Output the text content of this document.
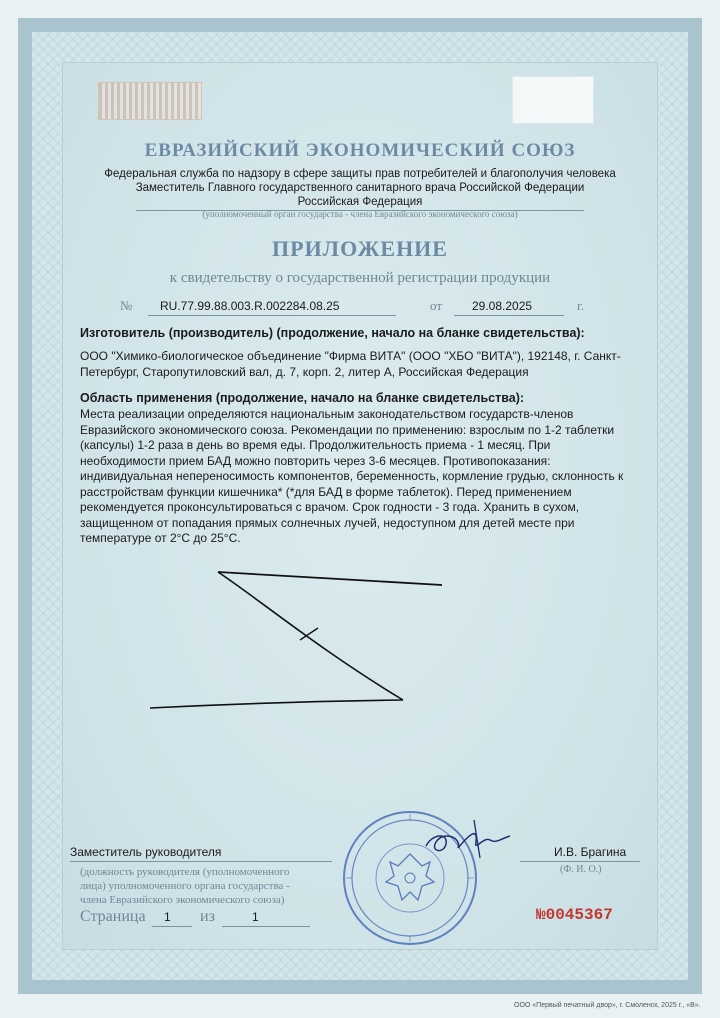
ЕВРАЗИЙСКИЙ ЭКОНОМИЧЕСКИЙ СОЮЗ
Федеральная служба по надзору в сфере защиты прав потребителей и благополучия человека
Заместитель Главного государственного санитарного врача Российской Федерации
Российская Федерация
(уполномоченный орган государства - члена Евразийского экономического союза)
ПРИЛОЖЕНИЕ
к свидетельству о государственной регистрации продукции
№ RU.77.99.88.003.R.002284.08.25	от 29.08.2025	г.
Изготовитель (производитель) (продолжение, начало на бланке свидетельства):
ООО "Химико-биологическое объединение "Фирма ВИТА" (ООО "ХБО "ВИТА"), 192148, г. Санкт-Петербург, Старопутиловский вал, д. 7, корп. 2, литер А, Российская Федерация
Область применения (продолжение, начало на бланке свидетельства):
Места реализации определяются национальным законодательством государств-членов Евразийского экономического союза. Рекомендации по применению: взрослым по 1-2 таблетки (капсулы) 1-2 раза в день во время еды. Продолжительность приема - 1 месяц. При необходимости прием БАД можно повторить через 3-6 месяцев. Противопоказания: индивидуальная непереносимость компонентов, беременность, кормление грудью, склонность к расстройствам функции кишечника* (*для БАД в форме таблеток). Перед применением рекомендуется проконсультироваться с врачом. Срок годности - 3 года. Хранить в сухом, защищенном от попадания прямых солнечных лучей, недоступном для детей месте при температуре от 2°С до 25°С.
Заместитель руководителя
(должность руководителя (уполномоченного
лица) уполномоченного органа государства -
члена Евразийского экономического союза)
И.В. Брагина
(Ф. И. О.)
Страница 1 из	1	№0045367
ООО «Первый печатный двор», г. Смоленск, 2025 г., «В».
